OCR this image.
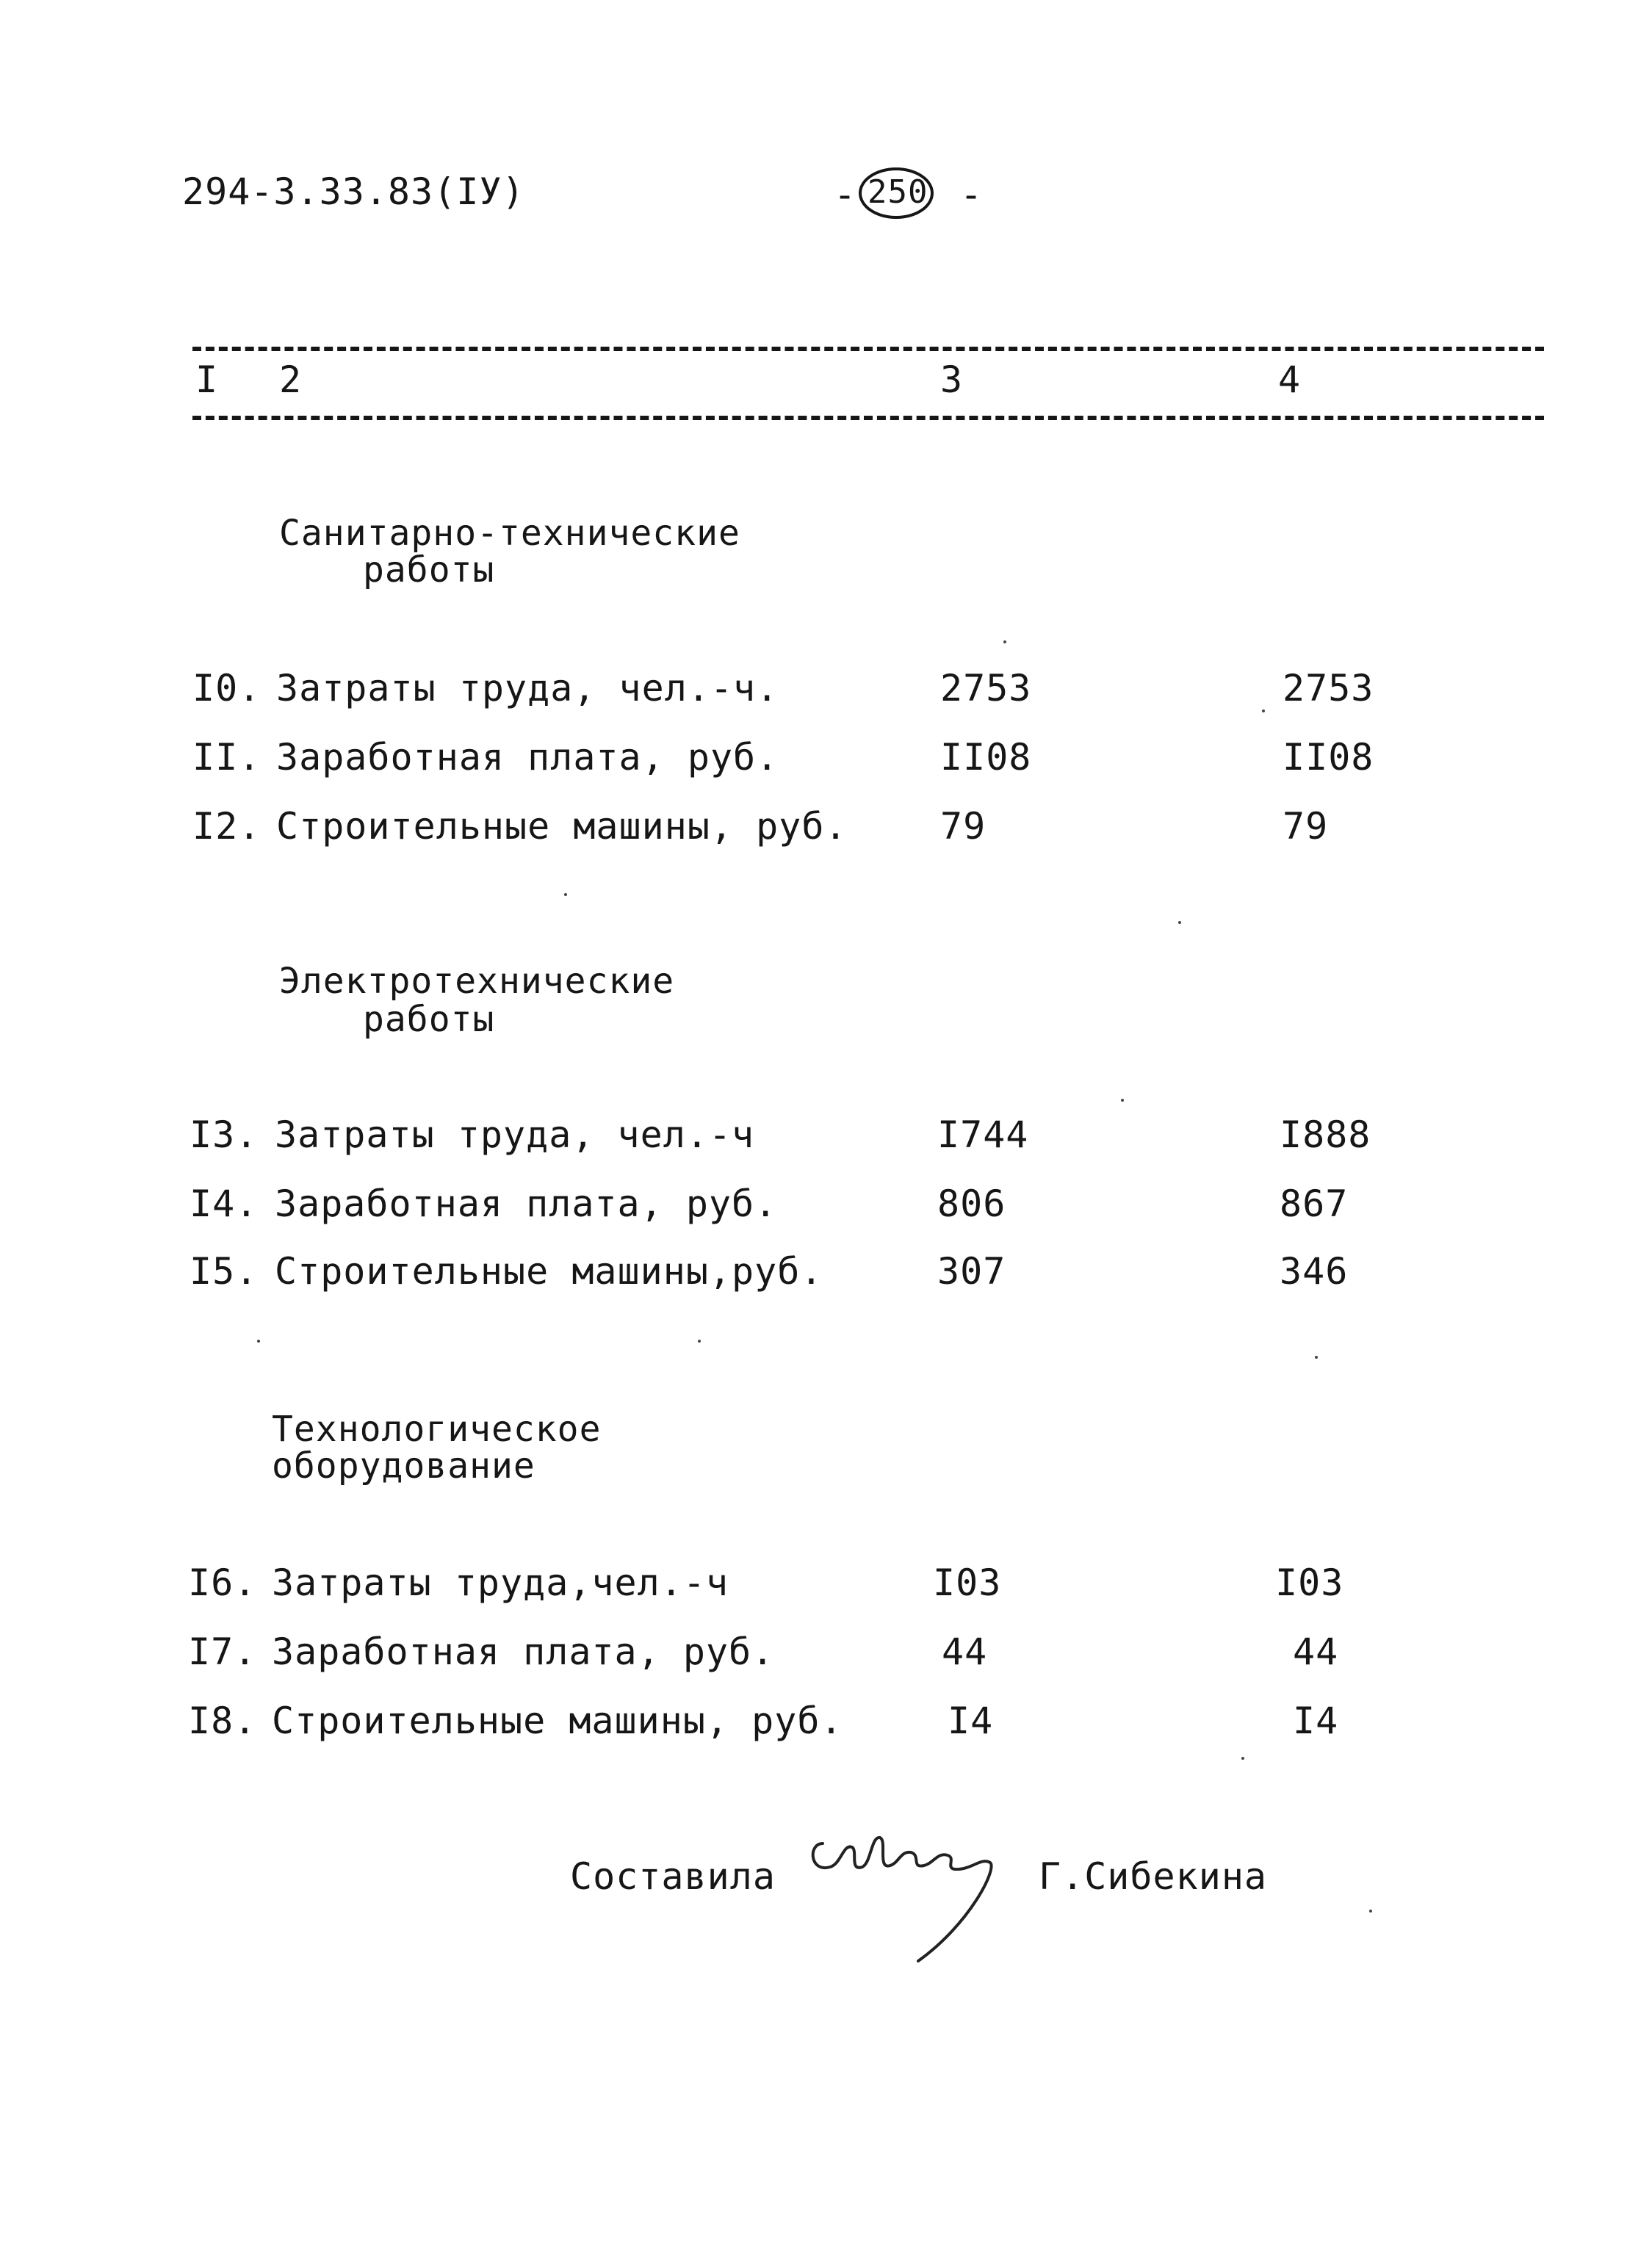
294-3.33.83(IУ)	- 250 -
I 2	3	4
Санитарно-технические
работы
I0. Затраты труда, чел.-ч.	2753	2753
II. Заработная плата, руб.	II08	II08
I2. Строительные машины, руб.	79	79
Электротехнические
работы
I3. Затраты труда, чел.-ч	I744	I888
I4. Заработная плата, руб.	806	867
I5. Строительные машины,руб.	307	346
Технологическое
оборудование
I6. Затраты труда,чел.-ч	I03	I03
I7. Заработная плата, руб.	44	44
I8. Строительные машины, руб.	I4	I4
Составила	Г.Сибекина
